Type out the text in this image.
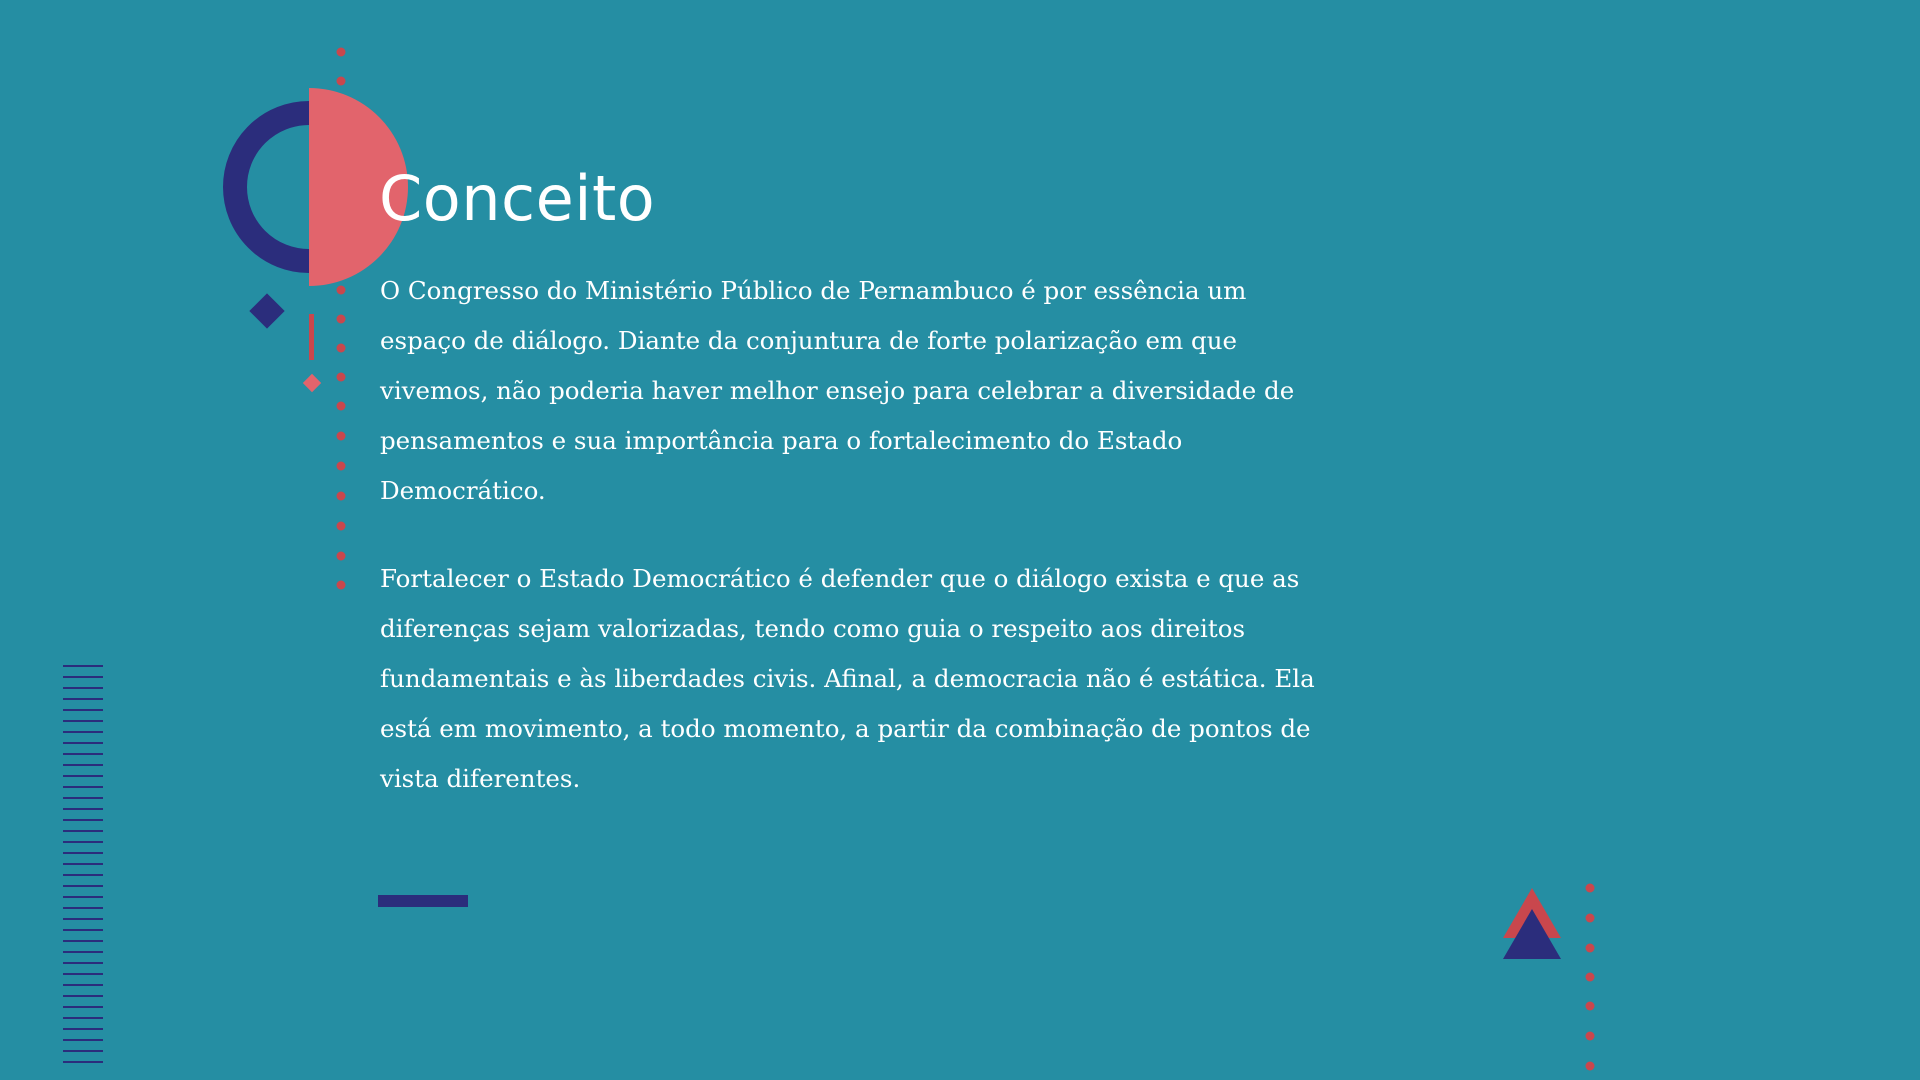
Conceito

O Congresso do Ministério Público de Pernambuco é por essência um espaço de diálogo. Diante da conjuntura de forte polarização em que vivemos, não poderia haver melhor ensejo para celebrar a diversidade de pensamentos e sua importância para o fortalecimento do Estado Democrático.

Fortalecer o Estado Democrático é defender que o diálogo exista e que as diferenças sejam valorizadas, tendo como guia o respeito aos direitos fundamentais e às liberdades civis. Afinal, a democracia não é estática. Ela está em movimento, a todo momento, a partir da combinação de pontos de vista diferentes.
